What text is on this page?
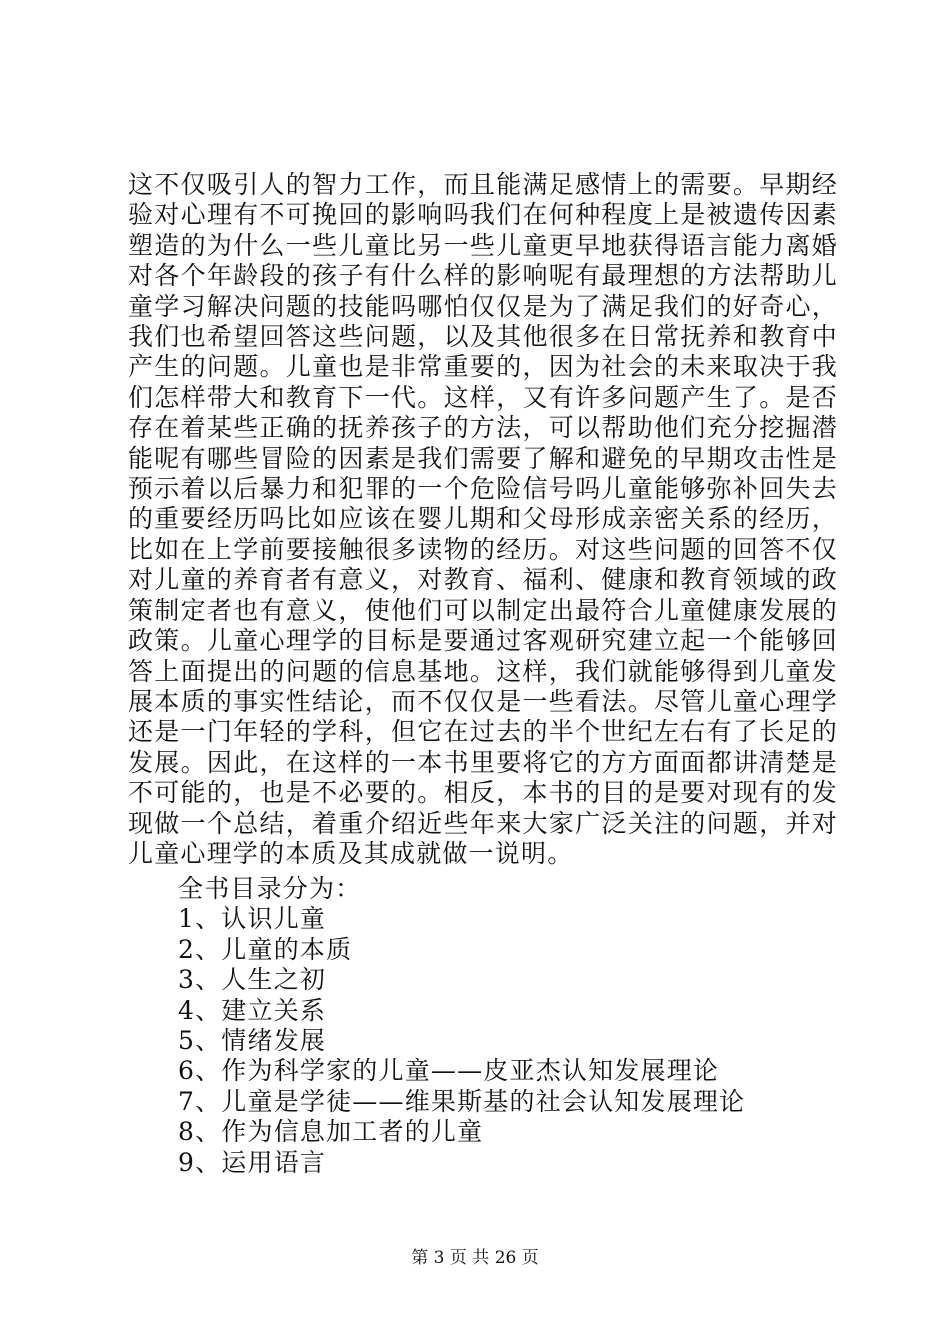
这不仅吸引人的智力工作，而且能满足感情上的需要。早期经验对心理有不可挽回的影响吗我们在何种程度上是被遗传因素塑造的为什么一些儿童比另一些儿童更早地获得语言能力离婚对各个年龄段的孩子有什么样的影响呢有最理想的方法帮助儿童学习解决问题的技能吗哪怕仅仅是为了满足我们的好奇心，我们也希望回答这些问题，以及其他很多在日常抚养和教育中产生的问题。儿童也是非常重要的，因为社会的未来取决于我们怎样带大和教育下一代。这样，又有许多问题产生了。是否存在着某些正确的抚养孩子的方法，可以帮助他们充分挖掘潜能呢有哪些冒险的因素是我们需要了解和避免的早期攻击性是预示着以后暴力和犯罪的一个危险信号吗儿童能够弥补回失去的重要经历吗比如应该在婴儿期和父母形成亲密关系的经历，比如在上学前要接触很多读物的经历。对这些问题的回答不仅对儿童的养育者有意义，对教育、福利、健康和教育领域的政策制定者也有意义，使他们可以制定出最符合儿童健康发展的政策。儿童心理学的目标是要通过客观研究建立起一个能够回答上面提出的问题的信息基地。这样，我们就能够得到儿童发展本质的事实性结论，而不仅仅是一些看法。尽管儿童心理学还是一门年轻的学科，但它在过去的半个世纪左右有了长足的发展。因此，在这样的一本书里要将它的方方面面都讲清楚是不可能的，也是不必要的。相反，本书的目的是要对现有的发现做一个总结，着重介绍近些年来大家广泛关注的问题，并对儿童心理学的本质及其成就做一说明。

全书目录分为：

1、认识儿童
2、儿童的本质
3、人生之初
4、建立关系
5、情绪发展
6、作为科学家的儿童——皮亚杰认知发展理论
7、儿童是学徒——维果斯基的社会认知发展理论
8、作为信息加工者的儿童
9、运用语言
第 3 页 共 26 页
